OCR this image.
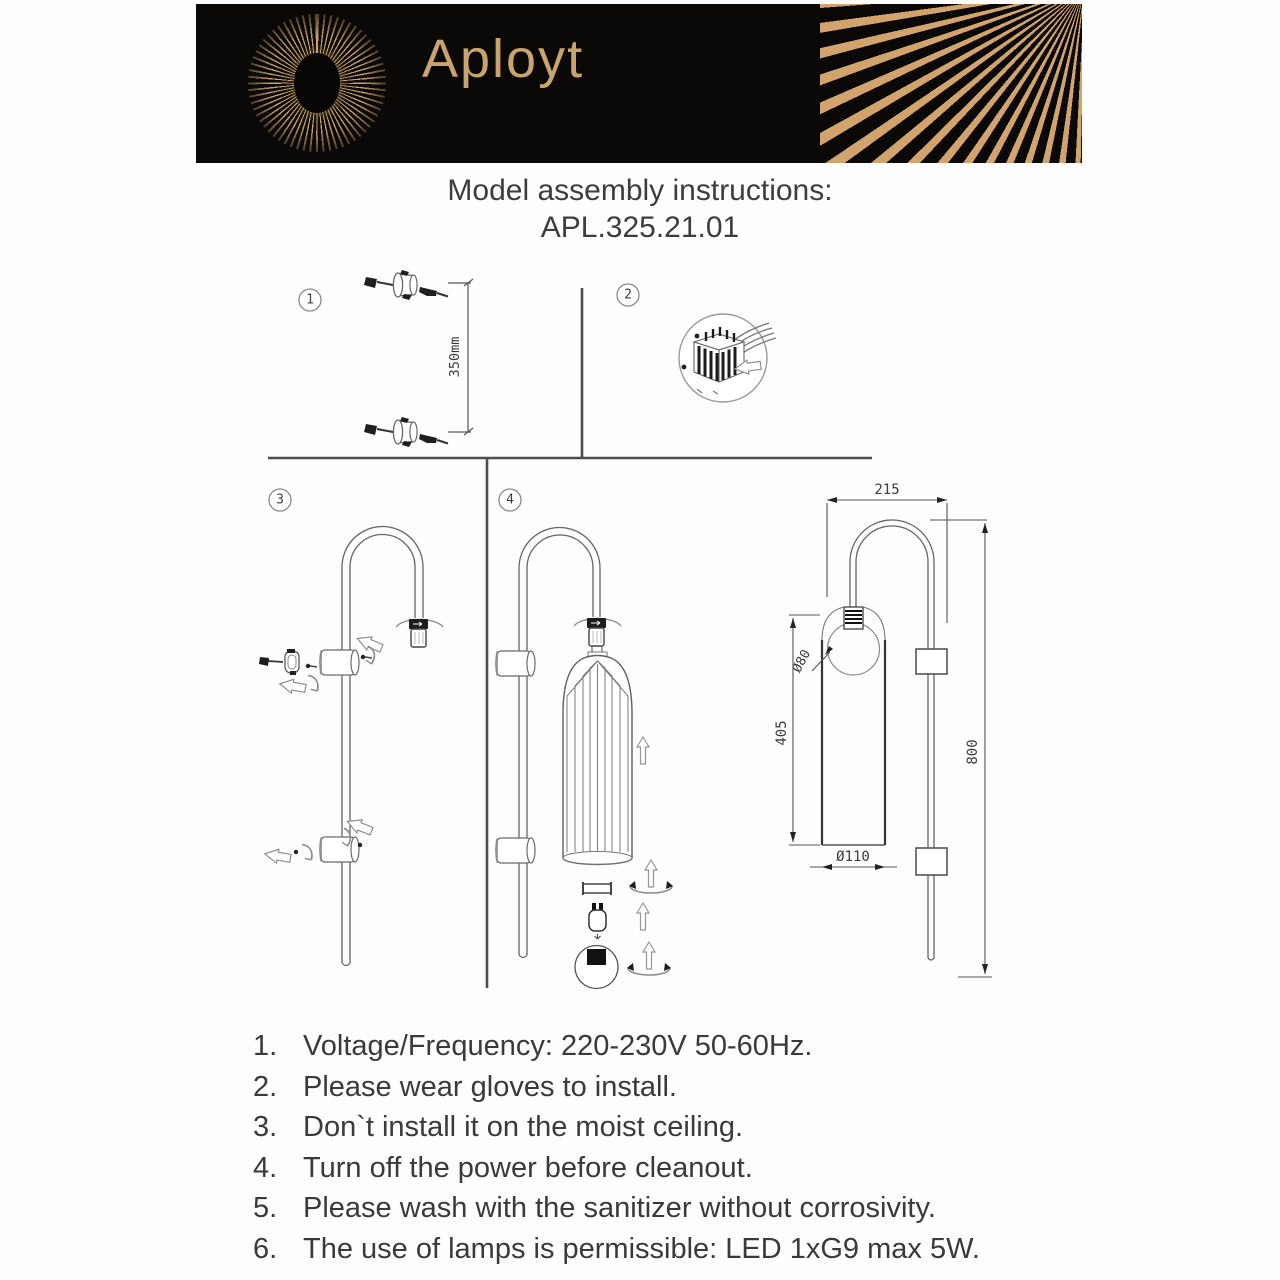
Aployt
Model assembly instructions:
APL.325.21.01
1	2
3	4
350mm
Ø80
215
800
405
Ø110
1. Voltage/Frequency: 220-230V 50-60Hz.
2. Please wear gloves to install.
3. Don`t install it on the moist ceiling.
4. Turn off the power before cleanout.
5. Please wash with the sanitizer without corrosivity.
6. The use of lamps is permissible: LED 1xG9 max 5W.
